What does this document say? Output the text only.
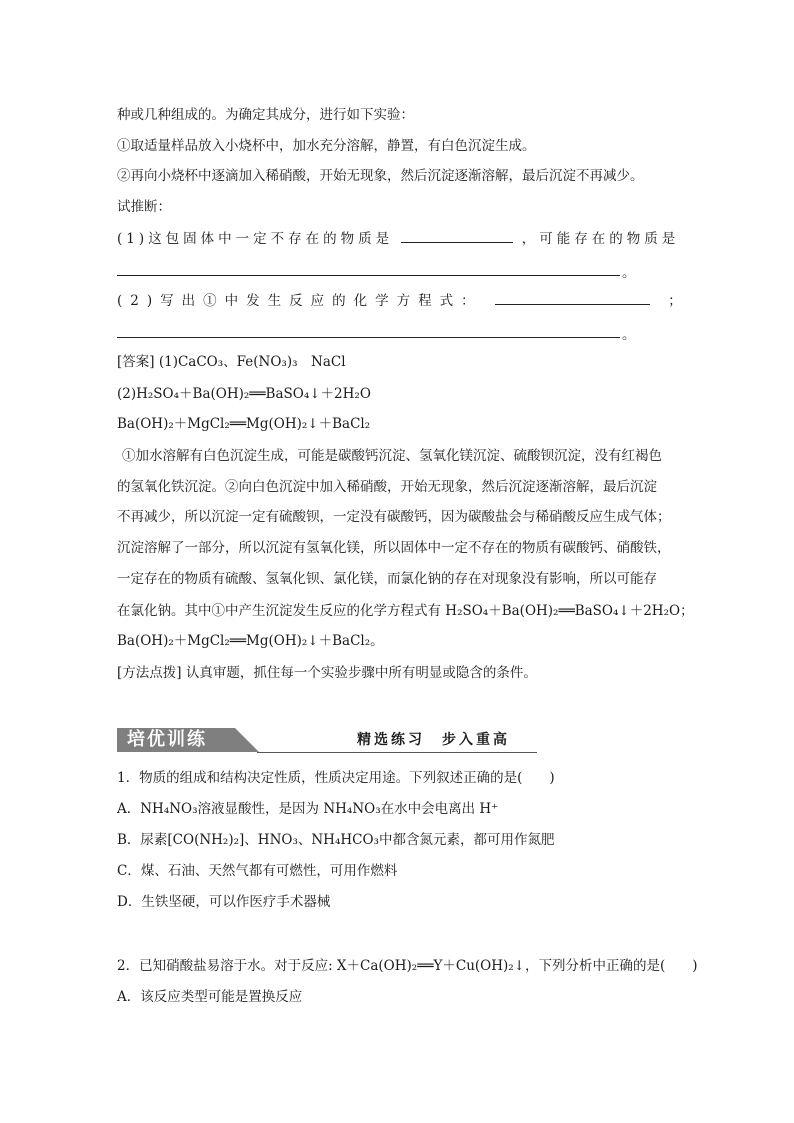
种或几种组成的。为确定其成分，进行如下实验：
①取适量样品放入小烧杯中，加水充分溶解，静置，有白色沉淀生成。
②再向小烧杯中逐滴加入稀硝酸，开始无现象，然后沉淀逐渐溶解，最后沉淀不再减少。
试推断：
(1)这包固体中一定不存在的物质是	，可能存在的物质是
。
(2)写出①中发生反应的化学方程式：	；
。
[答案] (1)CaCO₃、Fe(NO₃)₃　NaCl
(2)H₂SO₄＋Ba(OH)₂══BaSO₄↓＋2H₂O
Ba(OH)₂＋MgCl₂══Mg(OH)₂↓＋BaCl₂
①加水溶解有白色沉淀生成，可能是碳酸钙沉淀、氢氧化镁沉淀、硫酸钡沉淀，没有红褐色
的氢氧化铁沉淀。②向白色沉淀中加入稀硝酸，开始无现象，然后沉淀逐渐溶解，最后沉淀
不再减少，所以沉淀一定有硫酸钡，一定没有碳酸钙，因为碳酸盐会与稀硝酸反应生成气体；
沉淀溶解了一部分，所以沉淀有氢氧化镁，所以固体中一定不存在的物质有碳酸钙、硝酸铁，
一定存在的物质有硫酸、氢氧化钡、氯化镁，而氯化钠的存在对现象没有影响，所以可能存
在氯化钠。其中①中产生沉淀发生反应的化学方程式有 H₂SO₄＋Ba(OH)₂══BaSO₄↓＋2H₂O；
Ba(OH)₂＋MgCl₂══Mg(OH)₂↓＋BaCl₂。
[方法点拨] 认真审题，抓住每一个实验步骤中所有明显或隐含的条件。
培优训练	精选练习　步入重高
1．物质的组成和结构决定性质，性质决定用途。下列叙述正确的是(　　)
A．NH₄NO₃溶液显酸性，是因为 NH₄NO₃在水中会电离出 H⁺
B．尿素[CO(NH₂)₂]、HNO₃、NH₄HCO₃中都含氮元素，都可用作氮肥
C．煤、石油、天然气都有可燃性，可用作燃料
D．生铁坚硬，可以作医疗手术器械
2．已知硝酸盐易溶于水。对于反应: X＋Ca(OH)₂══Y＋Cu(OH)₂↓，下列分析中正确的是(　　)
A．该反应类型可能是置换反应
